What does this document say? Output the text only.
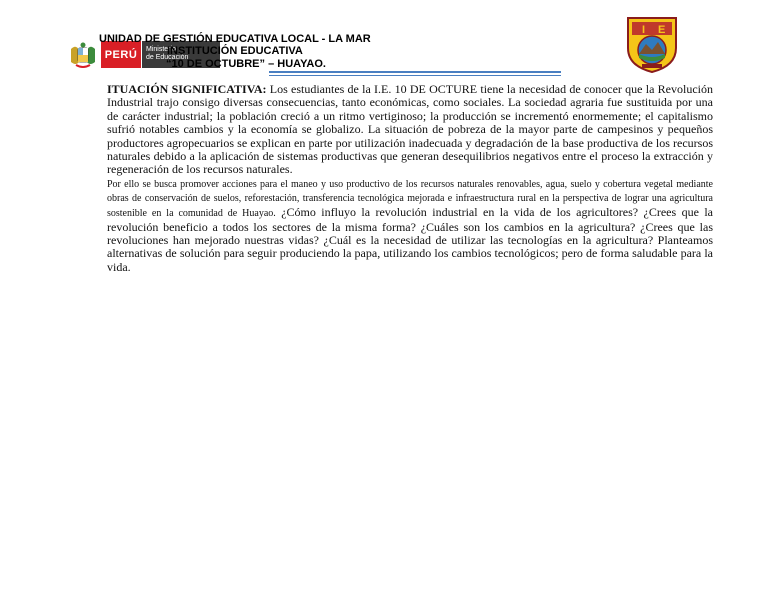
PERÚ Ministerio
de Educación
UNIDAD DE GESTIÓN EDUCATIVA LOCAL - LA MAR
INSTITUCIÓN EDUCATIVA
“10 DE OCTUBRE” – HUAYAO.
I E

ITUACIÓN SIGNIFICATIVA: Los estudiantes de la I.E. 10 DE OCTURE tiene la necesidad de conocer que la Revolución Industrial trajo consigo diversas consecuencias, tanto económicas, como sociales. La sociedad agraria fue sustituida por una de carácter industrial; la población creció a un ritmo vertiginoso; la producción se incrementó enormemente; el capitalismo sufrió notables cambios y la economía se globalizo. La situación de pobreza de la mayor parte de campesinos y pequeños productores agropecuarios se explican en parte por utilización inadecuada y degradación de la base productiva de los recursos naturales debido a la aplicación de sistemas productivas que generan desequilibrios negativos entre el proceso la extracción y regeneración de los recursos naturales.

Por ello se busca promover acciones para el maneo y uso productivo de los recursos naturales renovables, agua, suelo y cobertura vegetal mediante obras de conservación de suelos, reforestación, transferencia tecnológica mejorada e infraestructura rural en la perspectiva de lograr una agricultura sostenible en la comunidad de Huayao. ¿Cómo influyo la revolución industrial en la vida de los agricultores? ¿Crees que la revolución beneficio a todos los sectores de la misma forma? ¿Cuáles son los cambios en la agricultura? ¿Crees que las revoluciones han mejorado nuestras vidas? ¿Cuál es la necesidad de utilizar las tecnologías en la agricultura? Planteamos alternativas de solución para seguir produciendo la papa, utilizando los cambios tecnológicos; pero de forma saludable para la vida.
